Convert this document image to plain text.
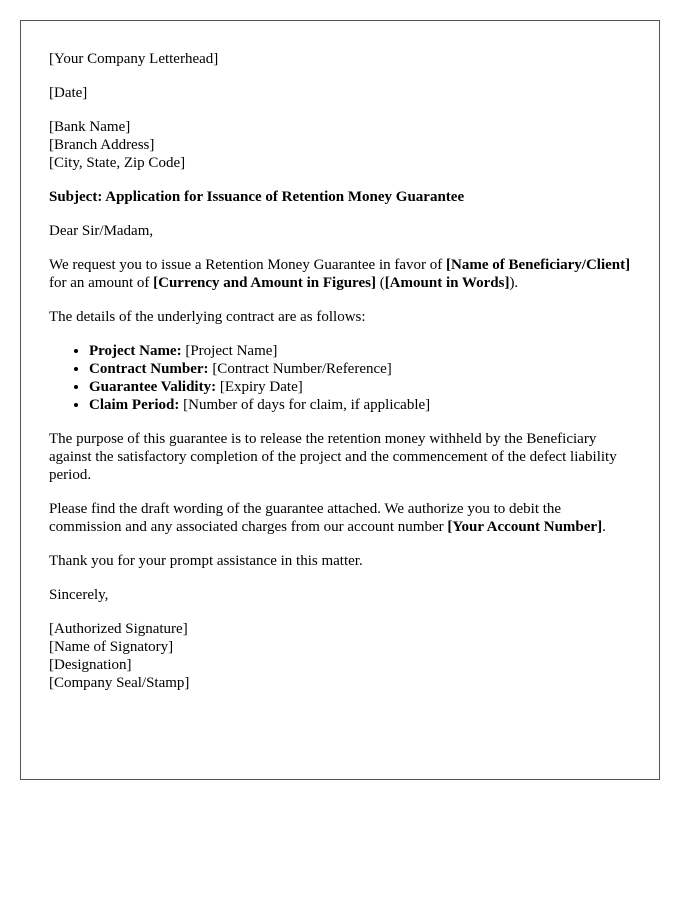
[Your Company Letterhead]

[Date]

[Bank Name]
[Branch Address]
[City, State, Zip Code]

Subject: Application for Issuance of Retention Money Guarantee

Dear Sir/Madam,

We request you to issue a Retention Money Guarantee in favor of [Name of Beneficiary/Client] for an amount of [Currency and Amount in Figures] ([Amount in Words]).

The details of the underlying contract are as follows:

• Project Name: [Project Name]
• Contract Number: [Contract Number/Reference]
• Guarantee Validity: [Expiry Date]
• Claim Period: [Number of days for claim, if applicable]

The purpose of this guarantee is to release the retention money withheld by the Beneficiary against the satisfactory completion of the project and the commencement of the defect liability period.

Please find the draft wording of the guarantee attached. We authorize you to debit the commission and any associated charges from our account number [Your Account Number].

Thank you for your prompt assistance in this matter.

Sincerely,

[Authorized Signature]
[Name of Signatory]
[Designation]
[Company Seal/Stamp]
